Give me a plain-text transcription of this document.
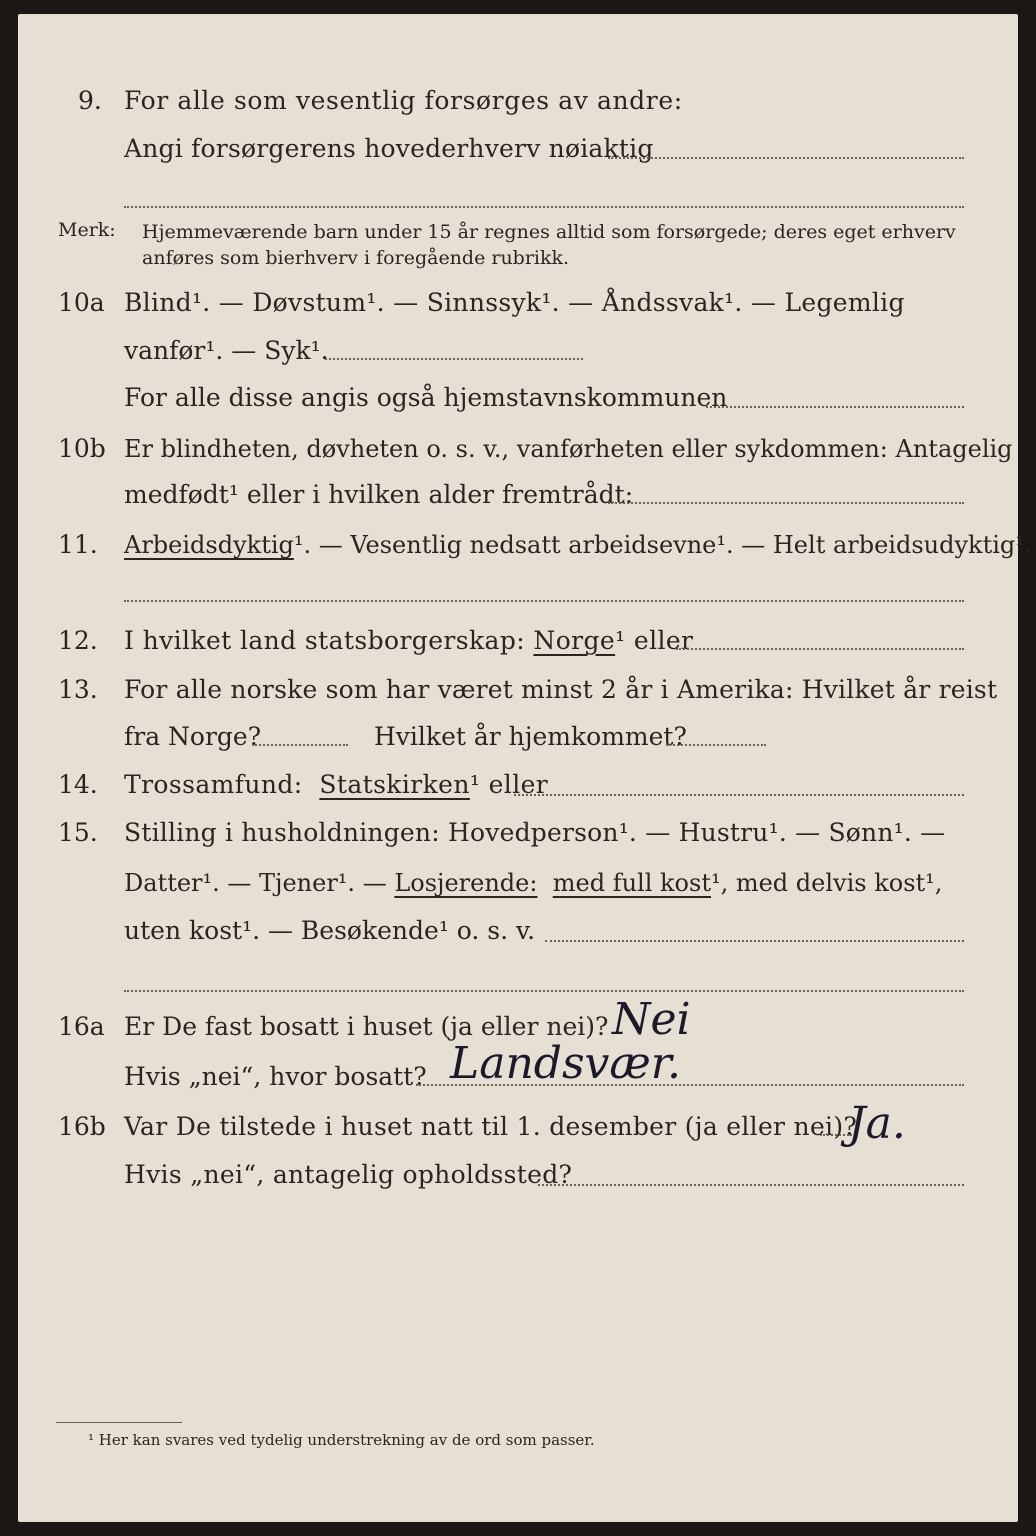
9. For alle som vesentlig forsørges av andre:
Angi forsørgerens hovederhverv nøiaktig
Merk: Hjemmeværende barn under 15 år regnes alltid som forsørgede; deres eget erhverv
anføres som bierhverv i foregående rubrikk.
10a Blind¹. — Døvstum¹. — Sinnssyk¹. — Åndssvak¹. — Legemlig
vanfør¹. — Syk¹.
For alle disse angis også hjemstavnskommunen
10b Er blindheten, døvheten o. s. v., vanførheten eller sykdommen: Antagelig
medfødt¹ eller i hvilken alder fremtrådt:
11. Arbeidsdyktig¹. — Vesentlig nedsatt arbeidsevne¹. — Helt arbeidsudyktig¹.
12. I hvilket land statsborgerskap: Norge¹ eller
13. For alle norske som har været minst 2 år i Amerika: Hvilket år reist
fra Norge?	Hvilket år hjemkommet?
14. Trossamfund: Statskirken¹ eller
15. Stilling i husholdningen: Hovedperson¹. — Hustru¹. — Sønn¹. —
Datter¹. — Tjener¹. — Losjerende: med full kost¹, med delvis kost¹,
uten kost¹. — Besøkende¹ o. s. v.
16a Er De fast bosatt i huset (ja eller nei)? Nei
Hvis „nei“, hvor bosatt? Landsvær.
16b Var De tilstede i huset natt til 1. desember (ja eller nei)?
Ja.
Hvis „nei“, antagelig opholdssted?
¹ Her kan svares ved tydelig understrekning av de ord som passer.
